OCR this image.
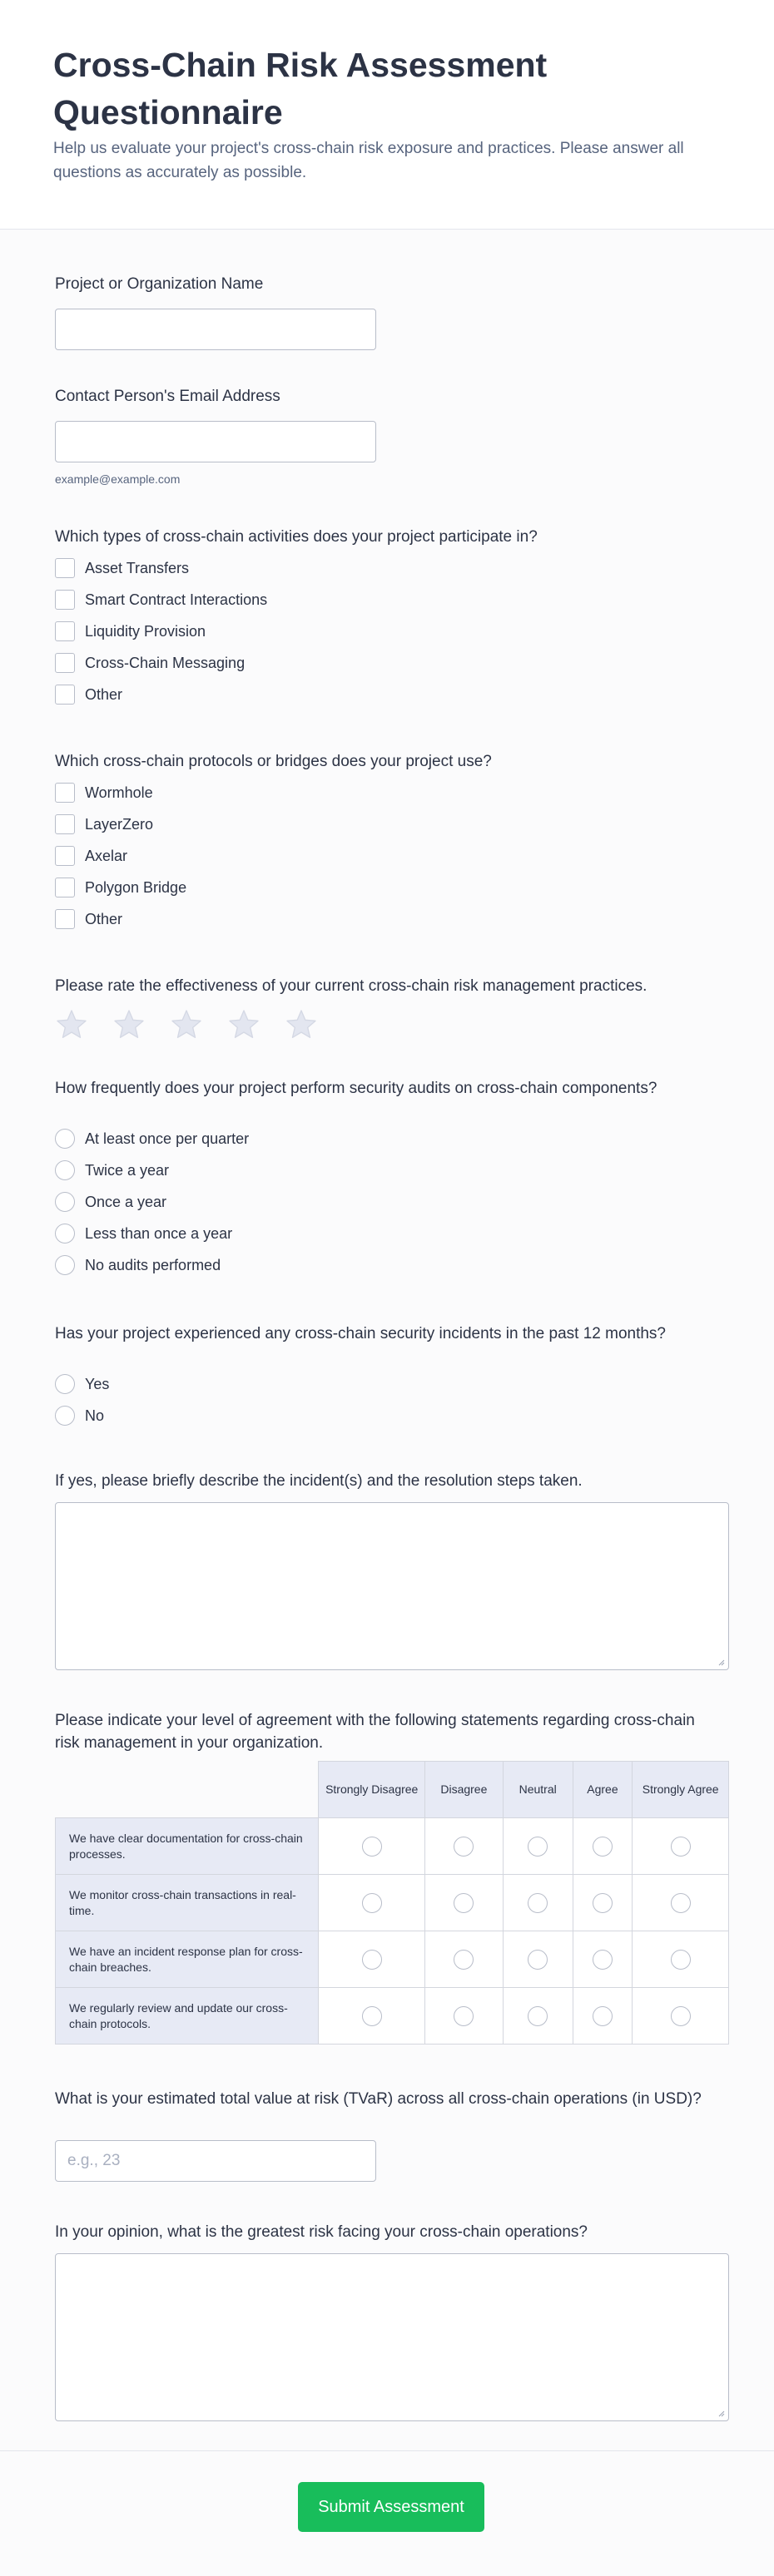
Cross-Chain Risk Assessment Questionnaire

Help us evaluate your project's cross-chain risk exposure and practices. Please answer all questions as accurately as possible.

Project or Organization Name
Contact Person's Email Address
example@example.com
Which types of cross-chain activities does your project participate in?
Asset Transfers
Smart Contract Interactions
Liquidity Provision
Cross-Chain Messaging
Other
Which cross-chain protocols or bridges does your project use?
Wormhole
LayerZero
Axelar
Polygon Bridge
Other
Please rate the effectiveness of your current cross-chain risk management practices.
How frequently does your project perform security audits on cross-chain components?
At least once per quarter
Twice a year
Once a year
Less than once a year
No audits performed
Has your project experienced any cross-chain security incidents in the past 12 months?
Yes
No
If yes, please briefly describe the incident(s) and the resolution steps taken.
Please indicate your level of agreement with the following statements regarding cross-chain risk management in your organization.
	Strongly Disagree	Disagree	Neutral	Agree	Strongly Agree
We have clear documentation for cross-chain processes.					
We monitor cross-chain transactions in real-time.					
We have an incident response plan for cross-chain breaches.					
We regularly review and update our cross-chain protocols.					
What is your estimated total value at risk (TVaR) across all cross-chain operations (in USD)?
e.g., 23
In your opinion, what is the greatest risk facing your cross-chain operations?
Submit Assessment
